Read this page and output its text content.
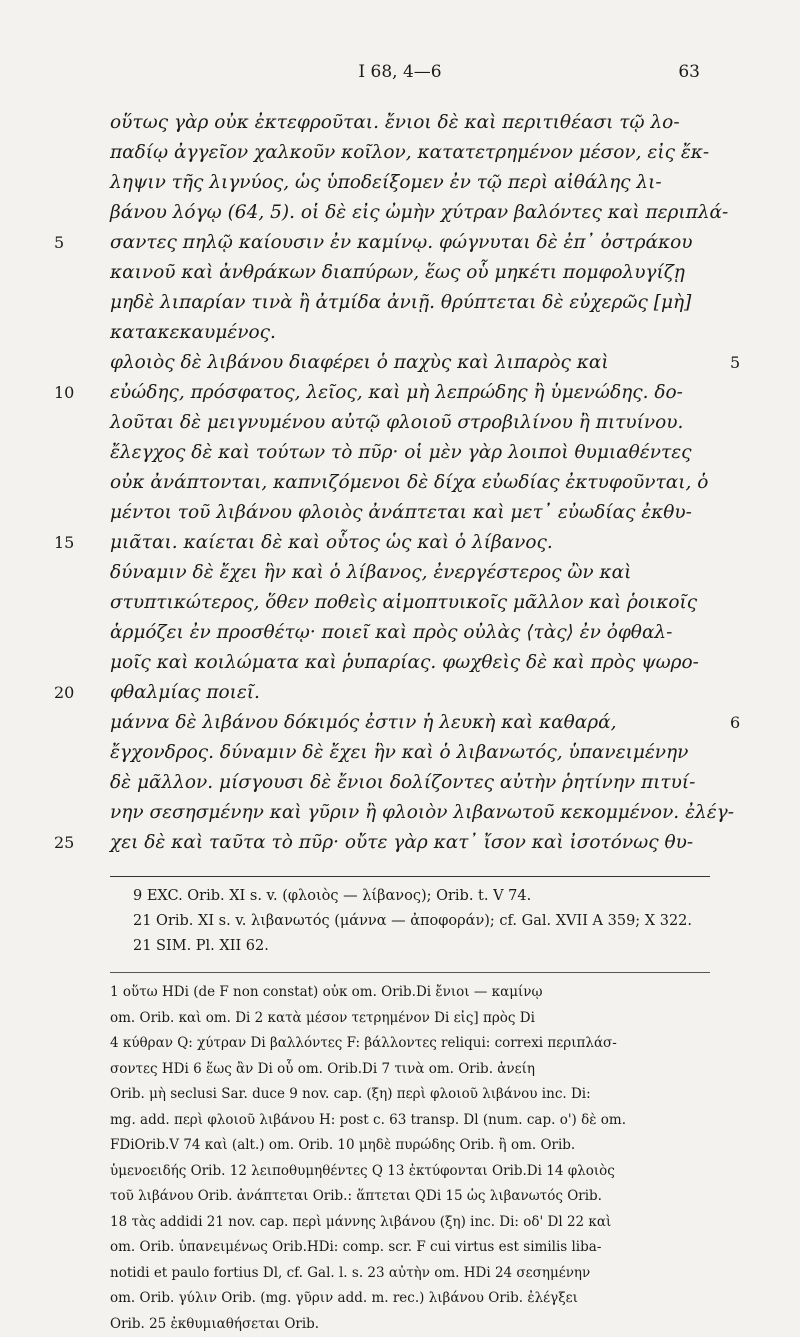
I 68, 4—6	63
οὕτως γὰρ οὐκ ἐκτεφροῦται. ἔνιοι δὲ καὶ περιτιθέασι τῷ λο-
παδίῳ ἀγγεῖον χαλκοῦν κοῖλον, κατατετρημένον μέσον, εἰς ἔκ-
ληψιν τῆς λιγνύος, ὡς ὑποδείξομεν ἐν τῷ περὶ αἰθάλης λι-
βάνου λόγῳ (64, 5). οἱ δὲ εἰς ὠμὴν χύτραν βαλόντες καὶ περιπλά-
σαντες πηλῷ καίουσιν ἐν καμίνῳ. φώγνυται δὲ ἐπ᾿ ὀστράκου
5
καινοῦ καὶ ἀνθράκων διαπύρων, ἕως οὗ μηκέτι πομφολυγίζῃ
μηδὲ λιπαρίαν τινὰ ἢ ἀτμίδα ἀνιῇ. θρύπτεται δὲ εὐχερῶς [μὴ]
κατακεκαυμένος.
φλοιὸς δὲ λιβάνου διαφέρει ὁ παχὺς καὶ λιπαρὸς καὶ	5
εὐώδης, πρόσφατος, λεῖος, καὶ μὴ λεπρώδης ἢ ὑμενώδης. δο-
10
λοῦται δὲ μειγνυμένου αὐτῷ φλοιοῦ στροβιλίνου ἢ πιτυίνου.
ἔλεγχος δὲ καὶ τούτων τὸ πῦρ· οἱ μὲν γὰρ λοιποὶ θυμιαθέντες
οὐκ ἀνάπτονται, καπνιζόμενοι δὲ δίχα εὐωδίας ἐκτυφοῦνται, ὁ
μέντοι τοῦ λιβάνου φλοιὸς ἀνάπτεται καὶ μετ᾿ εὐωδίας ἐκθυ-
μιᾶται. καίεται δὲ καὶ οὗτος ὡς καὶ ὁ λίβανος.
15
δύναμιν δὲ ἔχει ἣν καὶ ὁ λίβανος, ἐνεργέστερος ὢν καὶ
στυπτικώτερος, ὅθεν ποθεὶς αἱμοπτυικοῖς μᾶλλον καὶ ῥοικοῖς
ἁρμόζει ἐν προσθέτῳ· ποιεῖ καὶ πρὸς οὐλὰς ⟨τὰς⟩ ἐν ὀφθαλ-
μοῖς καὶ κοιλώματα καὶ ῥυπαρίας. φωχθεὶς δὲ καὶ πρὸς ψωρο-
φθαλμίας ποιεῖ.
20
μάννα δὲ λιβάνου δόκιμός ἐστιν ἡ λευκὴ καὶ καθαρά,	6
ἔγχονδρος. δύναμιν δὲ ἔχει ἣν καὶ ὁ λιβανωτός, ὑπανειμένην
δὲ μᾶλλον. μίσγουσι δὲ ἔνιοι δολίζοντες αὐτὴν ῥητίνην πιτυί-
νην σεσησμένην καὶ γῦριν ἢ φλοιὸν λιβανωτοῦ κεκομμένον. ἐλέγ-
χει δὲ καὶ ταῦτα τὸ πῦρ· οὔτε γὰρ κατ᾿ ἴσον καὶ ἰσοτόνως θυ-
25
9 EXC. Orib. XI s. v. (φλοιὸς — λίβανος); Orib. t. V 74.
21 Orib. XI s. v. λιβανωτός (μάννα — ἀποφοράν); cf. Gal. XVII A 359; X 322.
21 SIM. Pl. XII 62.
1 οὕτω HDi (de F non constat) οὐκ om. Orib.Di ἔνιοι — καμίνῳ
om. Orib. καὶ om. Di 2 κατὰ μέσον τετρημένον Di εἰς] πρὸς Di
4 κύθραν Q: χύτραν Di βαλλόντες F: βάλλοντες reliqui: correxi περιπλάσ-
σοντες HDi 6 ἕως ἂν Di οὗ om. Orib.Di 7 τινὰ om. Orib. ἀνείη
Orib. μὴ seclusi Sar. duce 9 nov. cap. (ξη) περὶ φλοιοῦ λιβάνου inc. Di:
mg. add. περὶ φλοιοῦ λιβάνου H: post c. 63 transp. Dl (num. cap. ο') δὲ om.
FDiOrib.V 74 καὶ (alt.) om. Orib. 10 μηδὲ πυρώδης Orib. ἢ om. Orib.
ὑμενοειδής Orib. 12 λειποθυμηθέντες Q 13 ἐκτύφονται Orib.Di 14 φλοιὸς
τοῦ λιβάνου Orib. ἀνάπτεται Orib.: ἅπτεται QDi 15 ὡς λιβανωτός Orib.
18 τὰς addidi 21 nov. cap. περὶ μάννης λιβάνου (ξη) inc. Di: οδ' Dl 22 καὶ
om. Orib. ὑπανειμένως Orib.HDi: comp. scr. F cui virtus est similis liba-
notidi et paulo fortius Dl, cf. Gal. l. s. 23 αὐτὴν om. HDi 24 σεσημένην
om. Orib. γύλιν Orib. (mg. γῦριν add. m. rec.) λιβάνου Orib. ἐλέγξει
Orib. 25 ἐκθυμιαθήσεται Orib.
